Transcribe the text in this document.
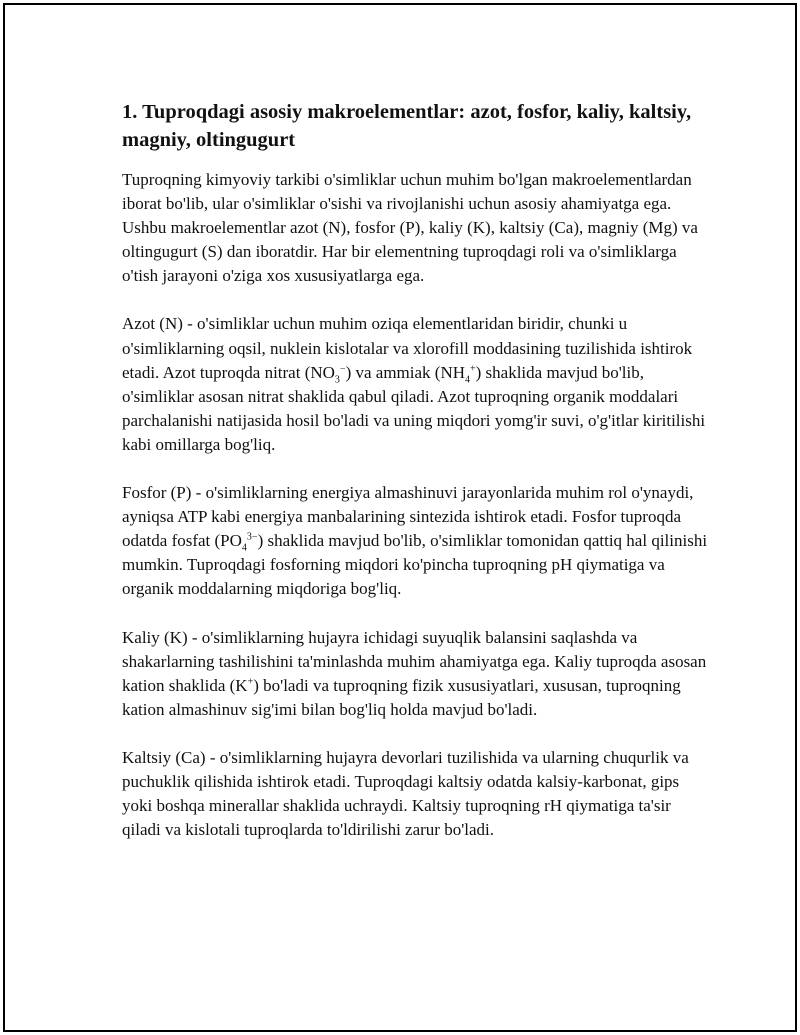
1. Tuproqdagi asosiy makroelementlar: azot, fosfor, kaliy, kaltsiy, magniy, oltingugurt

Tuproqning kimyoviy tarkibi o'simliklar uchun muhim bo'lgan makroelementlardan iborat bo'lib, ular o'simliklar o'sishi va rivojlanishi uchun asosiy ahamiyatga ega. Ushbu makroelementlar azot (N), fosfor (P), kaliy (K), kaltsiy (Ca), magniy (Mg) va oltingugurt (S) dan iboratdir. Har bir elementning tuproqdagi roli va o'simliklarga o'tish jarayoni o'ziga xos xususiyatlarga ega.

Azot (N) - o'simliklar uchun muhim oziqa elementlaridan biridir, chunki u o'simliklarning oqsil, nuklein kislotalar va xlorofill moddasining tuzilishida ishtirok etadi. Azot tuproqda nitrat $(NO_3^-)$ va ammiak $(NH_4^+)$ shaklida mavjud bo'lib, o'simliklar asosan nitrat shaklida qabul qiladi. Azot tuproqning organik moddalari parchalanishi natijasida hosil bo'ladi va uning miqdori yomg'ir suvi, o'g'itlar kiritilishi kabi omillarga bog'liq.

Fosfor (P) - o'simliklarning energiya almashinuvi jarayonlarida muhim rol o'ynaydi, ayniqsa ATP kabi energiya manbalarining sintezida ishtirok etadi. Fosfor tuproqda odatda fosfat $(PO_4^{3-})$ shaklida mavjud bo'lib, o'simliklar tomonidan qattiq hal qilinishi mumkin. Tuproqdagi fosforning miqdori ko'pincha tuproqning pH qiymatiga va organik moddalarning miqdoriga bog'liq.

Kaliy (K) - o'simliklarning hujayra ichidagi suyuqlik balansini saqlashda va shakarlarning tashilishini ta'minlashda muhim ahamiyatga ega. Kaliy tuproqda asosan kation shaklida (K+) bo'ladi va tuproqning fizik xususiyatlari, xususan, tuproqning kation almashinuv sig'imi bilan bog'liq holda mavjud bo'ladi.

Kaltsiy (Ca) - o'simliklarning hujayra devorlari tuzilishida va ularning chuqurlik va puchuklik qilishida ishtirok etadi. Tuproqdagi kaltsiy odatda kalsiy-karbonat, gips yoki boshqa minerallar shaklida uchraydi. Kaltsiy tuproqning rH qiymatiga ta'sir qiladi va kislotali tuproqlarda to'ldirilishi zarur bo'ladi.
